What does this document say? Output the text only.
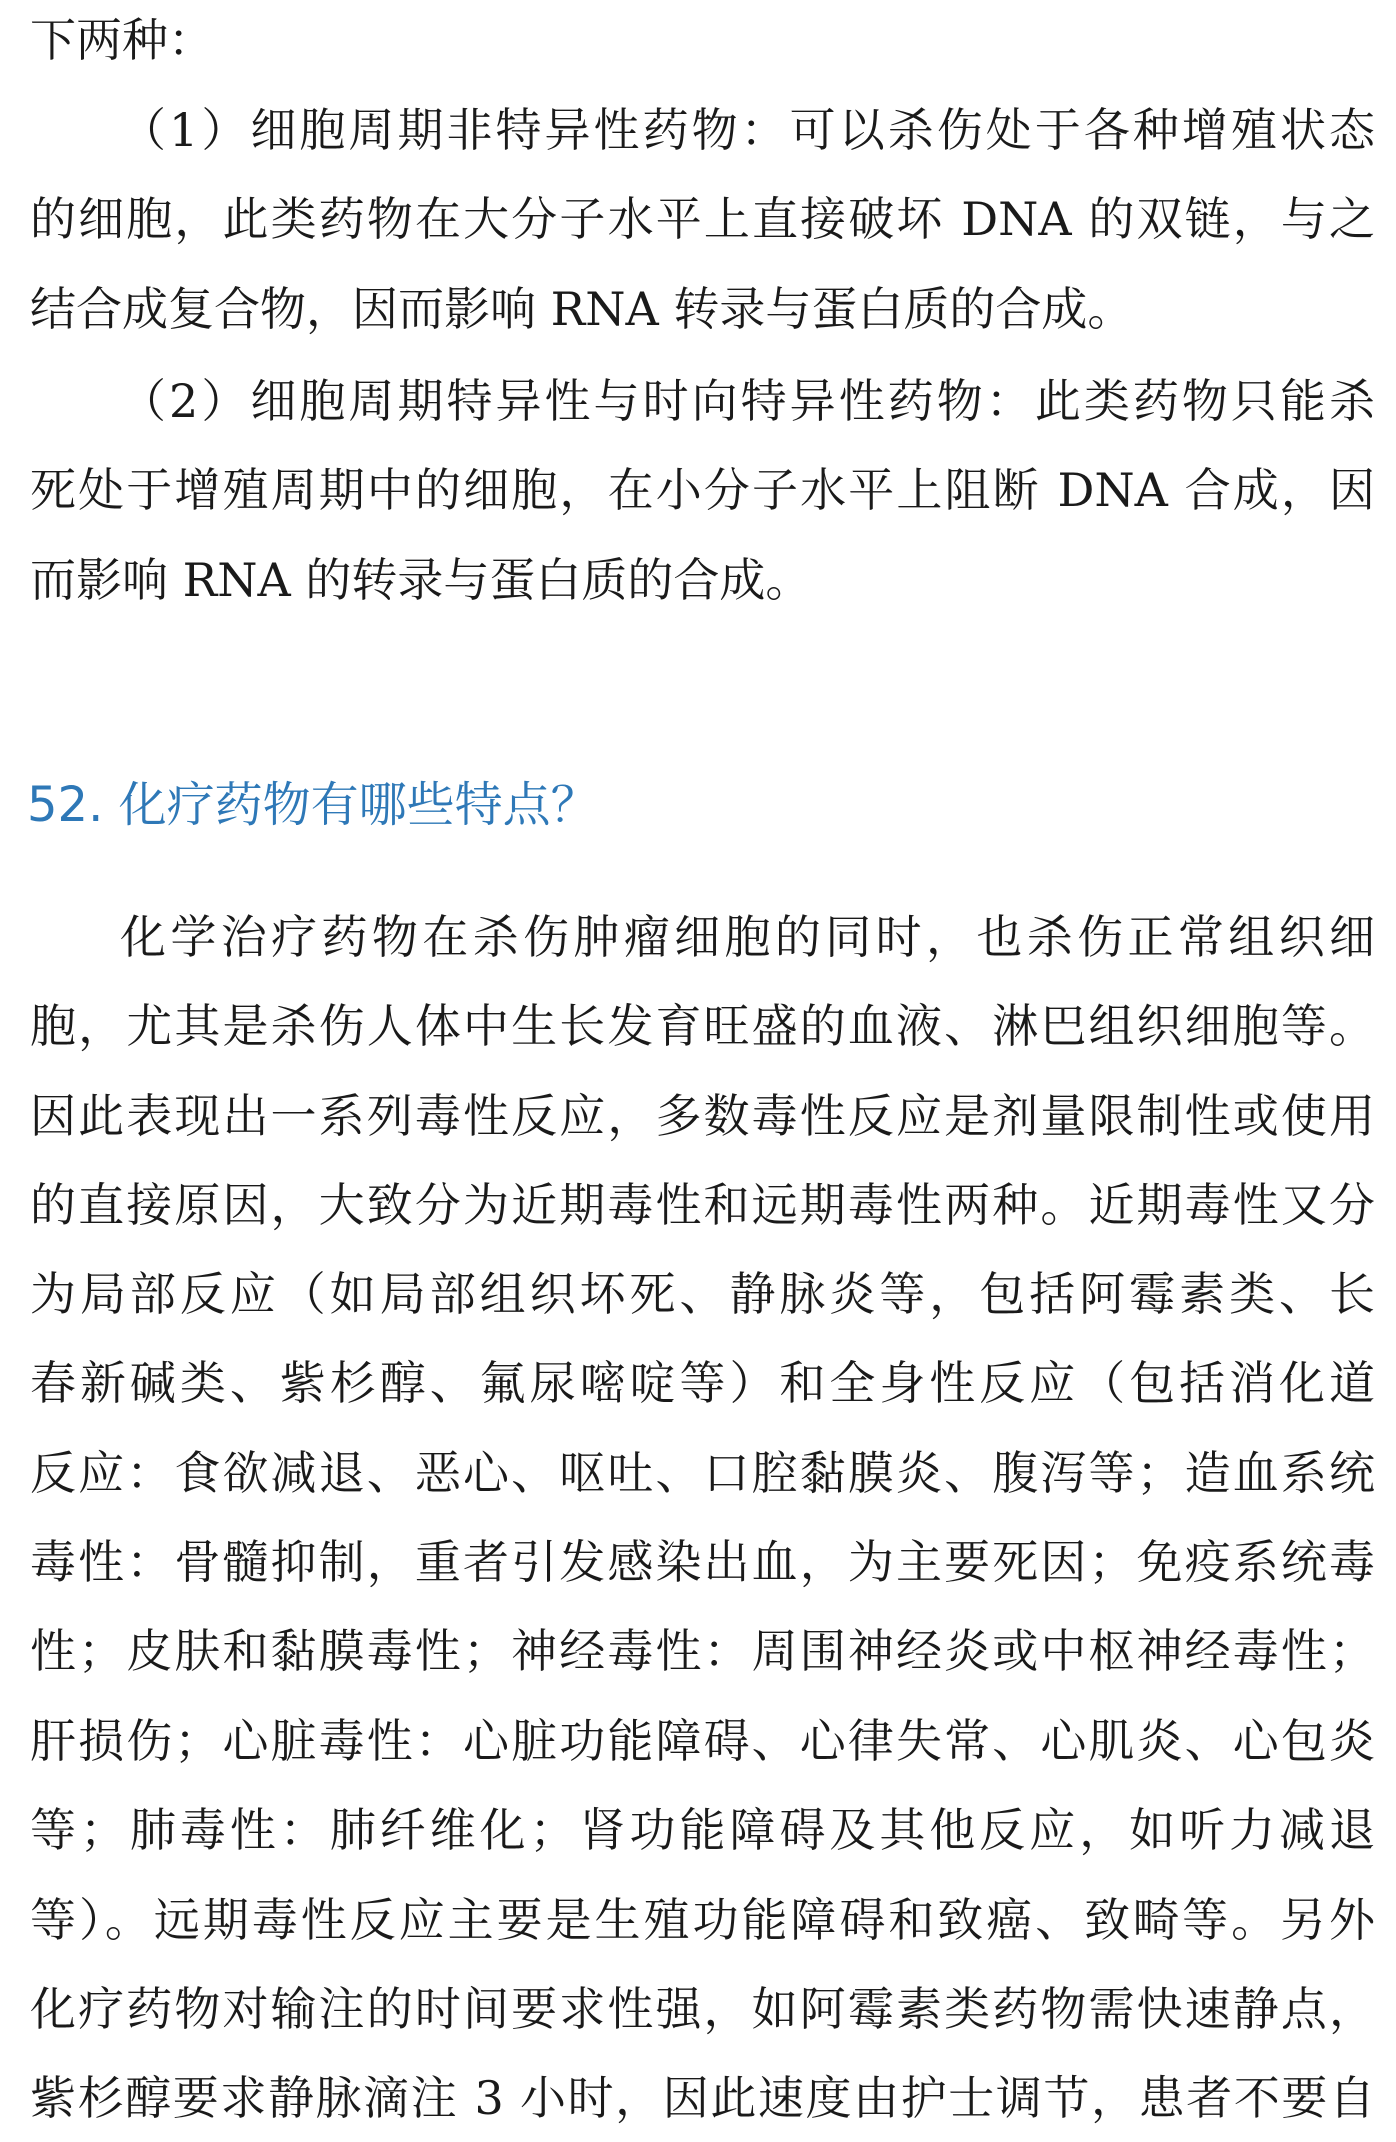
下两种：
（1）细胞周期非特异性药物：可以杀伤处于各种增殖状态
的细胞，此类药物在大分子水平上直接破坏 DNA 的双链，与之
结合成复合物，因而影响 RNA 转录与蛋白质的合成。
（2）细胞周期特异性与时向特异性药物：此类药物只能杀
死处于增殖周期中的细胞，在小分子水平上阻断 DNA 合成，因
而影响 RNA 的转录与蛋白质的合成。
52. 化疗药物有哪些特点？
化学治疗药物在杀伤肿瘤细胞的同时，也杀伤正常组织细
胞，尤其是杀伤人体中生长发育旺盛的血液、淋巴组织细胞等。
因此表现出一系列毒性反应，多数毒性反应是剂量限制性或使用
的直接原因，大致分为近期毒性和远期毒性两种。近期毒性又分
为局部反应（如局部组织坏死、静脉炎等，包括阿霉素类、长
春新碱类、紫杉醇、氟尿嘧啶等）和全身性反应（包括消化道
反应：食欲减退、恶心、呕吐、口腔黏膜炎、腹泻等；造血系统
毒性：骨髓抑制，重者引发感染出血，为主要死因；免疫系统毒
性；皮肤和黏膜毒性；神经毒性：周围神经炎或中枢神经毒性；
肝损伤；心脏毒性：心脏功能障碍、心律失常、心肌炎、心包炎
等；肺毒性：肺纤维化；肾功能障碍及其他反应，如听力减退
等）。远期毒性反应主要是生殖功能障碍和致癌、致畸等。另外
化疗药物对输注的时间要求性强，如阿霉素类药物需快速静点，
紫杉醇要求静脉滴注 3 小时，因此速度由护士调节，患者不要自
